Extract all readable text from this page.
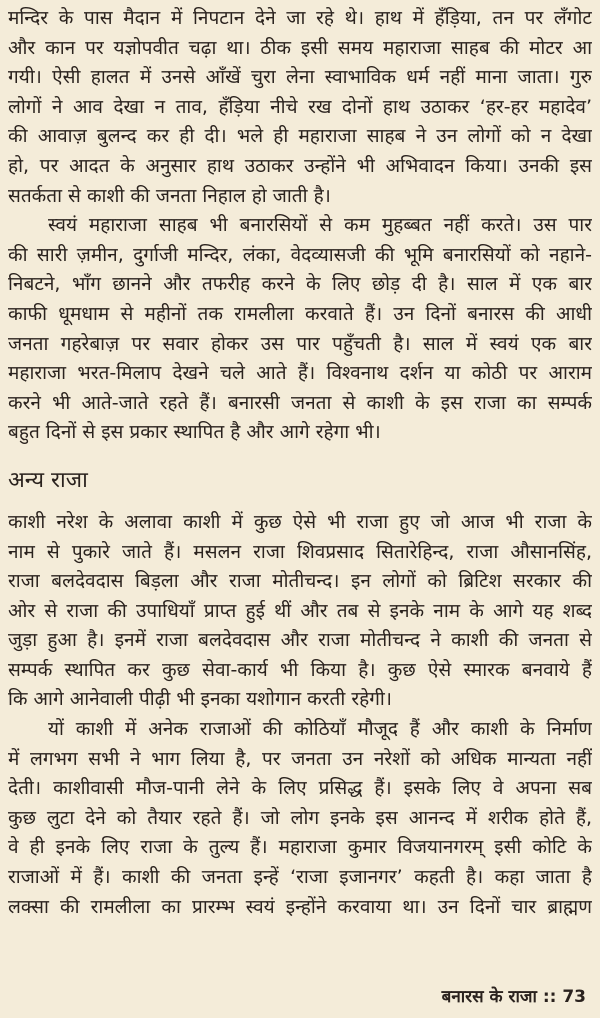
मन्दिर के पास मैदान में निपटान देने जा रहे थे। हाथ में हँड़िया, तन पर लँगोट
और कान पर यज्ञोपवीत चढ़ा था। ठीक इसी समय महाराजा साहब की मोटर आ
गयी। ऐसी हालत में उनसे आँखें चुरा लेना स्वाभाविक धर्म नहीं माना जाता। गुरु
लोगों ने आव देखा न ताव, हँड़िया नीचे रख दोनों हाथ उठाकर ‘हर-हर महादेव’
की आवाज़ बुलन्द कर ही दी। भले ही महाराजा साहब ने उन लोगों को न देखा
हो, पर आदत के अनुसार हाथ उठाकर उन्होंने भी अभिवादन किया। उनकी इस
सतर्कता से काशी की जनता निहाल हो जाती है।
स्वयं महाराजा साहब भी बनारसियों से कम मुहब्बत नहीं करते। उस पार
की सारी ज़मीन, दुर्गाजी मन्दिर, लंका, वेदव्यासजी की भूमि बनारसियों को नहाने-
निबटने, भाँग छानने और तफरीह करने के लिए छोड़ दी है। साल में एक बार
काफी धूमधाम से महीनों तक रामलीला करवाते हैं। उन दिनों बनारस की आधी
जनता गहरेबाज़ पर सवार होकर उस पार पहुँचती है। साल में स्वयं एक बार
महाराजा भरत-मिलाप देखने चले आते हैं। विश्वनाथ दर्शन या कोठी पर आराम
करने भी आते-जाते रहते हैं। बनारसी जनता से काशी के इस राजा का सम्पर्क
बहुत दिनों से इस प्रकार स्थापित है और आगे रहेगा भी।
अन्य राजा
काशी नरेश के अलावा काशी में कुछ ऐसे भी राजा हुए जो आज भी राजा के
नाम से पुकारे जाते हैं। मसलन राजा शिवप्रसाद सितारेहिन्द, राजा औसानसिंह,
राजा बलदेवदास बिड़ला और राजा मोतीचन्द। इन लोगों को ब्रिटिश सरकार की
ओर से राजा की उपाधियाँ प्राप्त हुई थीं और तब से इनके नाम के आगे यह शब्द
जुड़ा हुआ है। इनमें राजा बलदेवदास और राजा मोतीचन्द ने काशी की जनता से
सम्पर्क स्थापित कर कुछ सेवा-कार्य भी किया है। कुछ ऐसे स्मारक बनवाये हैं
कि आगे आनेवाली पीढ़ी भी इनका यशोगान करती रहेगी।
यों काशी में अनेक राजाओं की कोठियाँ मौजूद हैं और काशी के निर्माण
में लगभग सभी ने भाग लिया है, पर जनता उन नरेशों को अधिक मान्यता नहीं
देती। काशीवासी मौज-पानी लेने के लिए प्रसिद्ध हैं। इसके लिए वे अपना सब
कुछ लुटा देने को तैयार रहते हैं। जो लोग इनके इस आनन्द में शरीक होते हैं,
वे ही इनके लिए राजा के तुल्य हैं। महाराजा कुमार विजयानगरम् इसी कोटि के
राजाओं में हैं। काशी की जनता इन्हें ‘राजा इजानगर’ कहती है। कहा जाता है
लक्सा की रामलीला का प्रारम्भ स्वयं इन्होंने करवाया था। उन दिनों चार ब्राह्मण
बनारस के राजा :: 73
